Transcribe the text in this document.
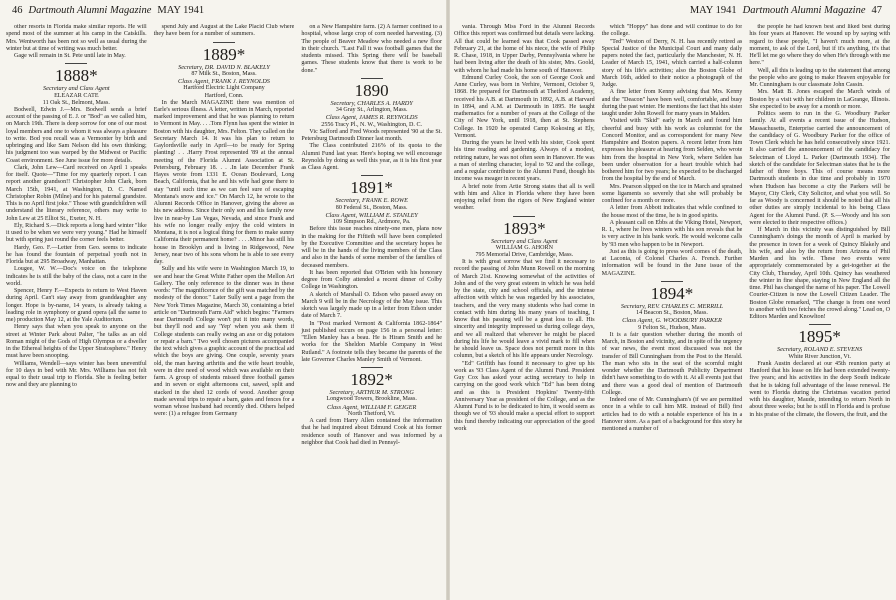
46 Dartmouth Alumni Magazine MAY 1941

other resorts in Florida make similar reports. He will spend most of the summer at his camp in the Catskills. Mrs. Wentworth has been not so well as usual during the winter but at time of writing was much better.

Gage will remain in St. Pete until late in May.

1888*
Secretary and Class Agent
ELEAZAR CATE
11 Oak St., Belmont, Mass.

Bodwell, Edwin J.—Mrs. Bodwell sends a brief account of the passing of E. J. or "Bod" as we called him, on March 19th. There is deep sorrow for one of our most loyal members and one to whom it was always a pleasure to write. Bod you recall was a Vermonter by birth and upbringing and like Sam Nelson did his own thinking; his judgment too was warped by the Midwest or Pacific Coast environment. See June issue for more details.

Clark, John Lew—Card received on April 1 speaks for itself. Quote—"Time for my quarterly report. I can report another grandson!! Christopher John Clark, born March 15th, 1941, at Washington, D. C. Named Christopher Robin (Milne) and for his paternal grandsire. This is no April first joke." Those with grandchildren will understand the literary reference, others may write to John Lew at 25 Elliot St., Exeter, N. H.

Ely, Richard S.—Dick reports a long hard winter "like it used to be when we were very young." Had he himself but with spring just round the corner feels better.

Hardy, Geo. F.—Letter from Geo. seems to indicate he has found the fountain of perpetual youth not in Florida but at 295 Broadway, Manhattan.

Lougee, W. W.—Doc's voice on the telephone indicates he is still the baby of the class, not a care in the world.

Spencer, Henry F.—Expects to return to West Haven during April. Can't stay away from granddaughter any longer. Hope is by-name, 14 years, is already taking a leading role in symphony or grand opera (all the same to me) production May 12, at the Yale Auditorium.

Henry says that when you speak to anyone on the street at Winter Park about Palter, "he talks as an old Roman might of the Gods of High Olympus or a dweller in the Ethereal heights of the Upper Stratosphere." Henry must have been snooping.

Williams, Wendell—says winter has been uneventful for 10 days in bed with Mr. Mrs. Williams has not felt equal to their usual trip to Florida. She is feeling better now and they are planning to

spend July and August at the Lake Placid Club where they have been for a number of summers.

1889*
Secretary, DR. DAVID N. BLAKELY
87 Milk St., Boston, Mass.
Class Agent, FRANK J. REYNOLDS
Hartford Electric Light Company
Hartford, Conn.

In the March MAGAZINE there was mention of Earle's serious illness. A letter, written in March, reported marked improvement and that he was planning to return to Vermont in May. . . .Tom Flynn has spent the winter in Boston with his daughter, Mrs. Felton. They called on the Secretary March 14. It was his plan to return to Gaylordsville early in April—to be ready for Spring planting! . . .Harry Frost represented '89 at the annual meeting of the Florida Alumni Association at St. Petersburg, February 18. . . .In late December Frank Hayes wrote from 1331 E. Ocean Boulevard, Long Beach, California, that he and his wife had gone there to stay "until such time as we can feel sure of escaping Montana's snow and ice." On March 12, he wrote to the Alumni Records Office in Hanover, giving the above as his new address. Since their only son and his family now live in near-by Las Vegas, Nevada, and since Frank and his wife no longer really enjoy the cold winters in Montana, it is not a logical thing for them to make sunny California their permanent home? . . . .Minor has still his house in Brooklyn and is living in Ridgewood, New Jersey, near two of his sons whom he is able to see every day.

Sully and his wife were in Washington March 19, to see and hear the Great White Father open the Mellon Art Gallery. The only reference to the dinner was in these words: "The magnificence of the gift was matched by the modesty of the donor." Later Sully sent a page from the New York Times Magazine, March 30, containing a brief article on "Dartmouth Farm Aid" which begins: "Farmers near Dartmouth College won't put it into many words, but they'll nod and say 'Yep' when you ask them if College students can really swing an axe or dig potatoes or repair a barn." Two well chosen pictures accompanied the text which gives a graphic account of the practical aid which the boys are giving. One couple, seventy years old, the man having arthritis and the wife heart trouble, were in dire need of wood which was available on their farm. A group of students missed three football games and in seven or eight afternoons cut, sawed, split and stacked in the shed 12 cords of wood. Another group made several trips to repair a barn, gates and fences for a woman whose husband had recently died. Others helped were: (1) a refugee from Germany

on a New Hampshire farm. (2) A farmer confined to a hospital, whose large crop of corn needed harvesting. (3) The people of Beaver Meadow who needed a new floor in their church. "Last Fall it was football games that the students missed. This Spring there will be baseball games. These students know that there is work to be done."

1890
Secretary, CHARLES A. HARDY
34 Gray St., Arlington, Mass.
Class Agent, JAMES R. REYNOLDS
2556 Tracy Pl., N. W., Washington, D. C.

Vic Safford and Fred Woods represented '90 at the St. Petersburg Dartmouth Dinner last month.

The Class contributed 216% of its quota to the Alumni Fund last year. Here's hoping we will encourage Reynolds by doing as well this year, as it is his first year as Class Agent.

1891*
Secretary, FRANK E. ROWE
80 Federal St., Boston, Mass.
Class Agent, WILLIAM E. STANLEY
109 Simpson Rd., Ardmore, Pa.

Before this issue reaches ninety-one men, plans now in the making for the Fiftieth will have been completed by the Executive Committee and the secretary hopes he will be in the hands of the living members of the Class and also in the hands of some member of the families of deceased members.

It has been reported that O'Brien with his honorary degree from Colby attended a recent dinner of Colby College in Washington.

A sketch of Marshall O. Edson who passed away on March 9 will be in the Necrology of the May issue. This sketch was largely made up in a letter from Edson under date of March 7.

In "Post marked Vermont & California 1862-1864" just published occurs on page 156 in a personal letter: "Ellen Manley has a beau. He is Hiram Smith and he works for the Sheldon Marble Company in West Rutland." A footnote tells they became the parents of the late Governor Charles Manley Smith of Vermont.

1892*
Secretary, ARTHUR M. STRONG
Longwood Towers, Brookline, Mass.
Class Agent, WILLIAM F. GEIGER
North Thetford, Vt.

A card from Harry Allen contained the information that he had inquired about Edmund Cook at his former residence south of Hanover and was informed by a neighbor that Cook had died in Pennsyl-

MAY 1941 Dartmouth Alumni Magazine 47

vania. Through Miss Ford in the Alumni Records Office this report was confirmed but details were lacking. All that could be learned was that Cook passed away February 21, at the home of his niece, the wife of Philip R. Chase, 1918, in Upper Darby, Pennsylvania where he had been living after the death of his sister, Mrs. Goold, with whom he had made his home south of Hanover.

Edmund Curley Cook, the son of George Cook and Anne Curley, was born in Verhire, Vermont, October 9, 1868. He prepared for Dartmouth at Thetford Academy, received his A.B. at Dartmouth in 1892, A.B. at Harvard in 1894, and A.M. at Dartmouth in 1895. He taught mathematics for a number of years at the College of the City of New York, until 1918, then at St. Stephens College. In 1920 he operated Camp Kokosing at Ely, Vermont.

During the years he lived with his sister, Cook spent his time reading and gardening. Always of a modest, retiring nature, he was not often seen in Hanover. He was a man of sterling character, loyal to '92 and the college, and a regular contributor to the Alumni Fund, though his income was meager in recent years.

A brief note from Artie Strong states that all is well with him and Alice in Florida where they have been enjoying relief from the rigors of New England winter weather.

1893*
Secretary and Class Agent
WILLIAM G. AHORN
795 Memorial Drive, Cambridge, Mass.

It is with great sorrow that we find it necessary to record the passing of John Munn Rowell on the morning of March 21st. Knowing somewhat of the activities of John and of the very great esteem in which he was held by the state, city and school officials, and the intense affection with which he was regarded by his associates, teachers, and the very many students who had come in contact with him during his many years of teaching, I know that his passing will be a great loss to all. His sincerity and integrity impressed us during college days, and we all realized that wherever he might be placed during his life he would leave a vivid mark to fill when he should leave us. Space does not permit more in this column, but a sketch of his life appears under Necrology.

"Ed" Griffith has found it necessary to give up his work as '93 Class Agent of the Alumni Fund. President Guy Cox has asked your acting secretary to help in carrying on the good work which "Ed" has been doing and as this is President Hopkins' Twenty-fifth Anniversary Year as president of the College, and as the Alumni Fund is to be dedicated to him, it would seem as though we of '93 should make a special effort to support this fund thereby indicating our appreciation of the good work

which "Hoppy" has done and will continue to do for the college.

"Ted" Weston of Derry, N. H. has recently retired as Special Justice of the Municipal Court and many daily papers noted the fact, particularly the Manchester, N. H. Leader of March 15, 1941, which carried a half-column story of his life's activities; also the Boston Globe of March 16th, added to their notice a photograph of the Judge.

A fine letter from Kenny advising that Mrs. Kenny and the "Deacon" have been well, comfortable, and busy during the past winter. He mentions the fact that his sister taught under John Rowell for many years in Malden.

Visited with "Skid" early in March and found him cheerful and busy with his work as columnist for the Concord Monitor, and as correspondent for many New Hampshire and Boston papers. A recent letter from him expresses his pleasure at hearing from Selden, who wrote him from the hospital in New York, where Selden has been under observation for a heart trouble which had bothered him for two years; he expected to be discharged from the hospital by the end of March.

Mrs. Pearson slipped on the ice in March and sprained some ligaments so severely that she will probably be confined for a month or more.

A letter from Abbott indicates that while confined to the house most of the time, he is in good spirits.

A pleasant call on Ebbs at the Viking Hotel, Newport, R. I., where he lives winters with his son reveals that he is very active in his bank work. He would welcome calls by '93 men who happen to be in Newport.

Just as this is going to press word comes of the death, at Laconia, of Colonel Charles A. French. Further information will be found in the June issue of the MAGAZINE.

1894*
Secretary, REV. CHARLES C. MERRILL
14 Beacon St., Boston, Mass.
Class Agent, G. WOODBURY PARKER
9 Felton St., Hudson, Mass.

It is a fair question whether during the month of March, in Boston and vicinity, and in spite of the urgency of war news, the event most discussed was not the transfer of Bill Cunningham from the Post to the Herald. The man who sits in the seat of the scornful might wonder whether the Dartmouth Publicity Department didn't have something to do with it. At all events just that and there was a good deal of mention of Dartmouth College.

Indeed one of Mr. Cunningham's (if we are permitted once in a while to call him MR. instead of Bill) first articles had to do with a notable experience of his in a Hanover store. As a part of a background for this story he mentioned a number of

the people he had known best and liked best during his four years at Hanover. He wound up by saying with regard to these people, "I haven't much more, at the moment, to ask of the Lord, but if it's anything, it's that He'll let me go where they do when He's through with me here."

Well, all this is leading up to the statement that among the people who are going to make Heaven enjoyable for Mr. Cunningham is our classmate John Cassin.

Mrs. Matt B. Jones escaped the March winds of Boston by a visit with her children in LaGrange, Illinois. She expected to be away for a month or more.

Politics seem to run in the G. Woodbury Parker family. At all events a recent issue of the Hudson, Massachusetts, Enterprise carried the announcement of the candidacy of G. Woodbury Parker for the office of Town Clerk which he has held consecutively since 1921. It also carried the announcement of the candidacy for Selectman of Lloyd L. Parker (Dartmouth 1934). The sketch of the candidate for Selectman states that he is the father of three boys. This of course means more Dartmouth students in due time and probably in 1970 when Hudson has become a city the Parkers will be Mayor, City Clerk, City Solicitor, and what you will. So far as Woody is concerned it should be noted that all his other duties are simply incidental to his being Class Agent for the Alumni Fund. (P. S.—Woody and his son were elected to their respective offices.)

If March in this vicinity was distinguished by Bill Cunningham's doings the month of April is marked by the presence in town for a week of Quincy Blakely and his wife, and also by the return from Arizona of Phil Marden and his wife. These two events were appropriately commemorated by a get-together at the City Club, Thursday, April 10th. Quincy has weathered the winter in fine shape, staying in New England all the time. Phil has changed the name of his paper. The Lowell Courier-Citizen is now the Lowell Citizen Leader. The Boston Globe remarked, "The change is from one word to another with two fetches the crowd along." Lead on, O Editors Marden and Knowlton!

1895*
Secretary, ROLAND E. STEVENS
White River Junction, Vt.

Frank Austin declared at our 45th reunion party at Hanford that his lease on life had been extended twenty-five years; and his activities in the deep South indicate that he is taking full advantage of the lease renewal. He went to Florida during the Christmas vacation period with his daughter, Maude, intending to return North in about three weeks; but he is still in Florida and is profuse in his praise of the climate, the flowers, the fruit, and the
